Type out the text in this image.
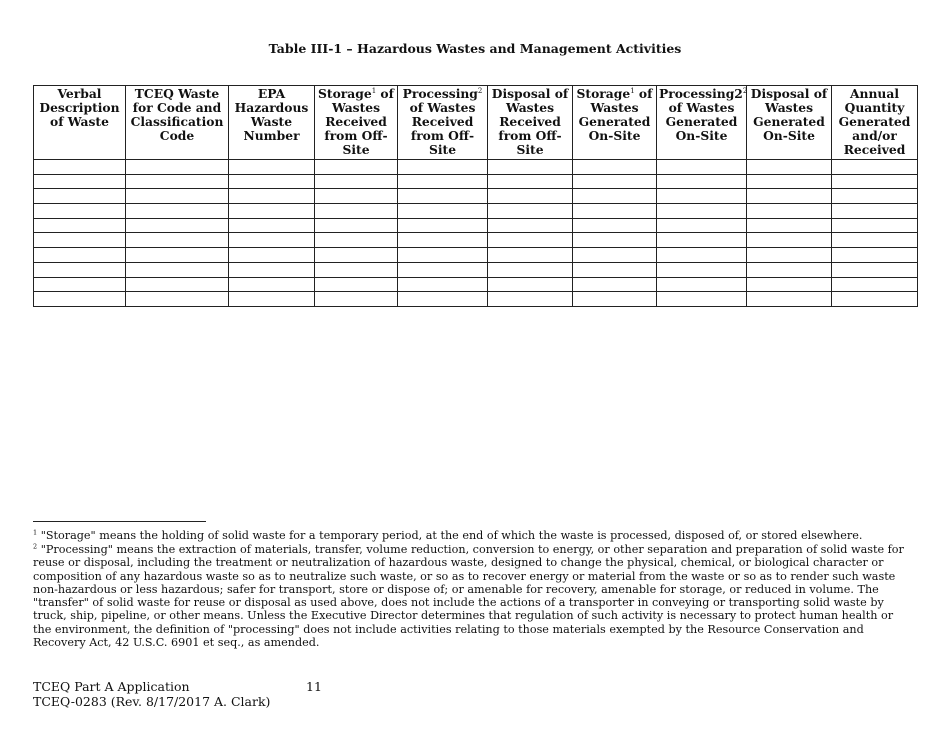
Table III-1 – Hazardous Wastes and Management Activities
Verbal Description of Waste	TCEQ Waste for Code and Classification Code	EPA Hazardous Waste Number	Storage$^1$ of Wastes Received from Off-Site	Processing$^2$ of Wastes Received from Off-Site	Disposal of Wastes Received from Off-Site	Storage$^1$ of Wastes Generated On-Site	$Processing2^2$ of Wastes Generated On-Site	Disposal of Wastes Generated On-Site	Annual Quantity Generated and/or Received

$^1$ "Storage" means the holding of solid waste for a temporary period, at the end of which the waste is processed, disposed of, or stored elsewhere.
$^2$ "Processing" means the extraction of materials, transfer, volume reduction, conversion to energy, or other separation and preparation of solid waste for reuse or disposal, including the treatment or neutralization of hazardous waste, designed to change the physical, chemical, or biological character or composition of any hazardous waste so as to neutralize such waste, or so as to recover energy or material from the waste or so as to render such waste non-hazardous or less hazardous; safer for transport, store or dispose of; or amenable for recovery, amenable for storage, or reduced in volume. The "transfer" of solid waste for reuse or disposal as used above, does not include the actions of a transporter in conveying or transporting solid waste by truck, ship, pipeline, or other means. Unless the Executive Director determines that regulation of such activity is necessary to protect human health or the environment, the definition of "processing" does not include activities relating to those materials exempted by the Resource Conservation and Recovery Act, 42 U.S.C. 6901 et seq., as amended.
TCEQ Part A Application
TCEQ-0283 (Rev. 8/17/2017 A. Clark)
11
